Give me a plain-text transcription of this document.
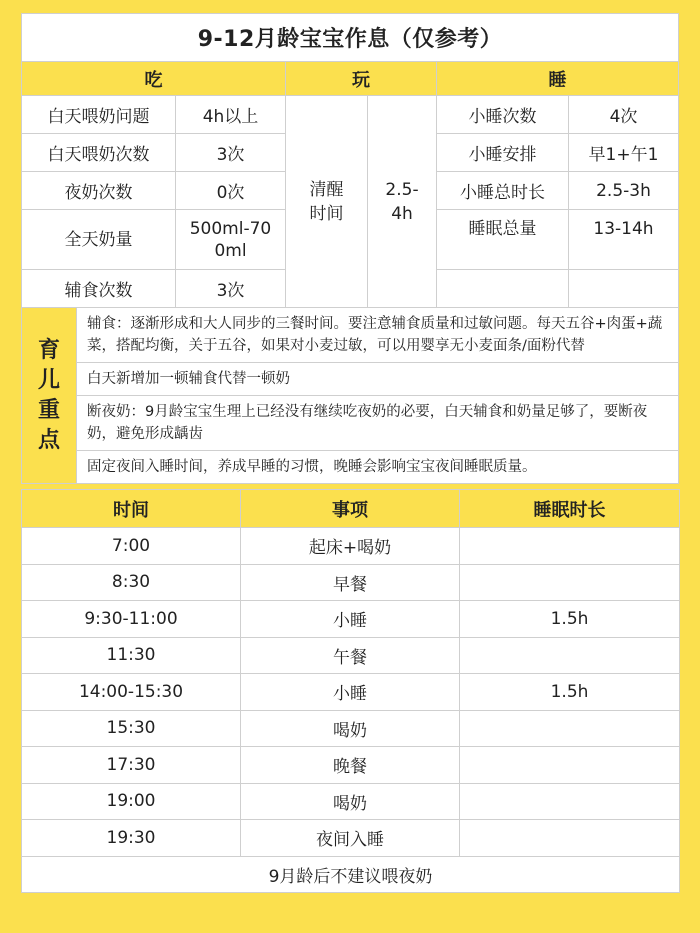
9-12月龄宝宝作息（仅参考）
吃		玩		睡	
白天喂奶问题	4h以上	清醒时间	2.5-4h	小睡次数	4次
白天喂奶次数	3次			小睡安排	早1+午1
夜奶次数	0次			小睡总时长	2.5-3h
全天奶量	500ml-700ml			睡眠总量	13-14h
辅食次数	3次				
育儿重点
辅食：逐渐形成和大人同步的三餐时间。要注意辅食质量和过敏问题。每天五谷+肉蛋+蔬菜，搭配均衡，关于五谷，如果对小麦过敏，可以用婴享无小麦面条/面粉代替
白天新增加一顿辅食代替一顿奶
断夜奶：9月龄宝宝生理上已经没有继续吃夜奶的必要，白天辅食和奶量足够了，要断夜奶，避免形成龋齿
固定夜间入睡时间，养成早睡的习惯，晚睡会影响宝宝夜间睡眠质量。
时间	事项	睡眠时长
7:00	起床+喝奶	
8:30	早餐	
9:30-11:00	小睡	1.5h
11:30	午餐	
14:00-15:30	小睡	1.5h
15:30	喝奶	
17:30	晚餐	
19:00	喝奶	
19:30	夜间入睡	
9月龄后不建议喂夜奶		
